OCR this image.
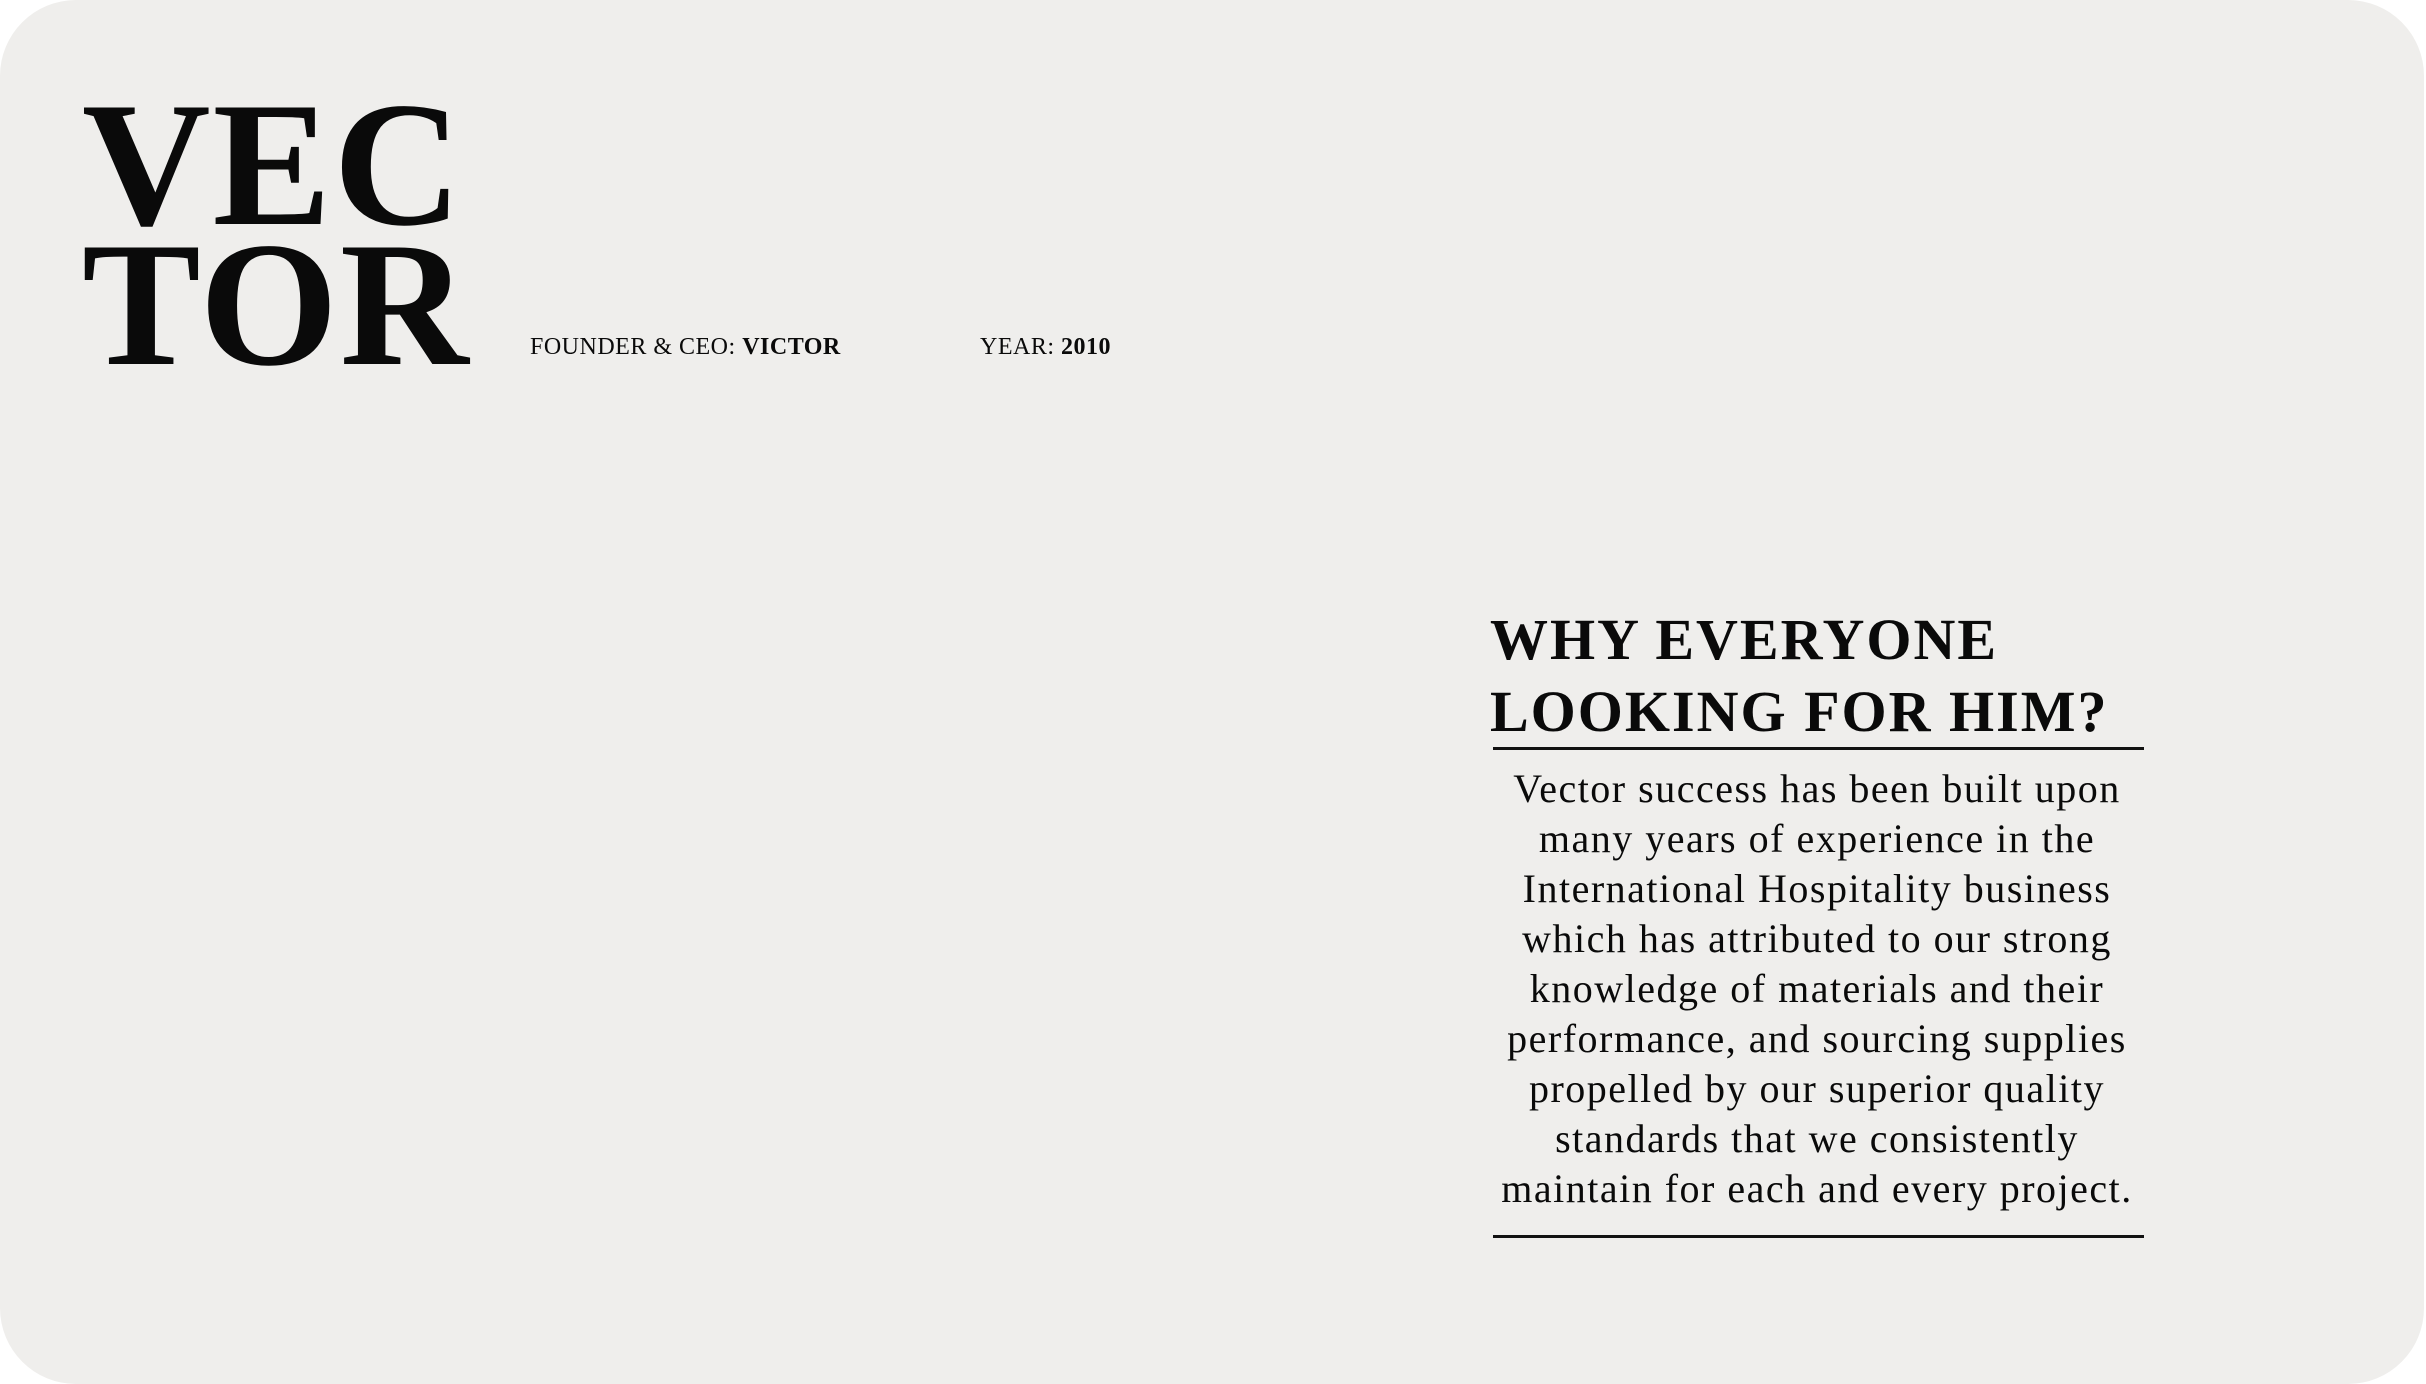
VEC
TOR FOUNDER & CEO: VICTOR	YEAR: 2010
WHY EVERYONE
LOOKING FOR HIM?

Vector success has been built upon many years of experience in the International Hospitality business which has attributed to our strong knowledge of materials and their performance, and sourcing supplies propelled by our superior quality standards that we consistently maintain for each and every project.
